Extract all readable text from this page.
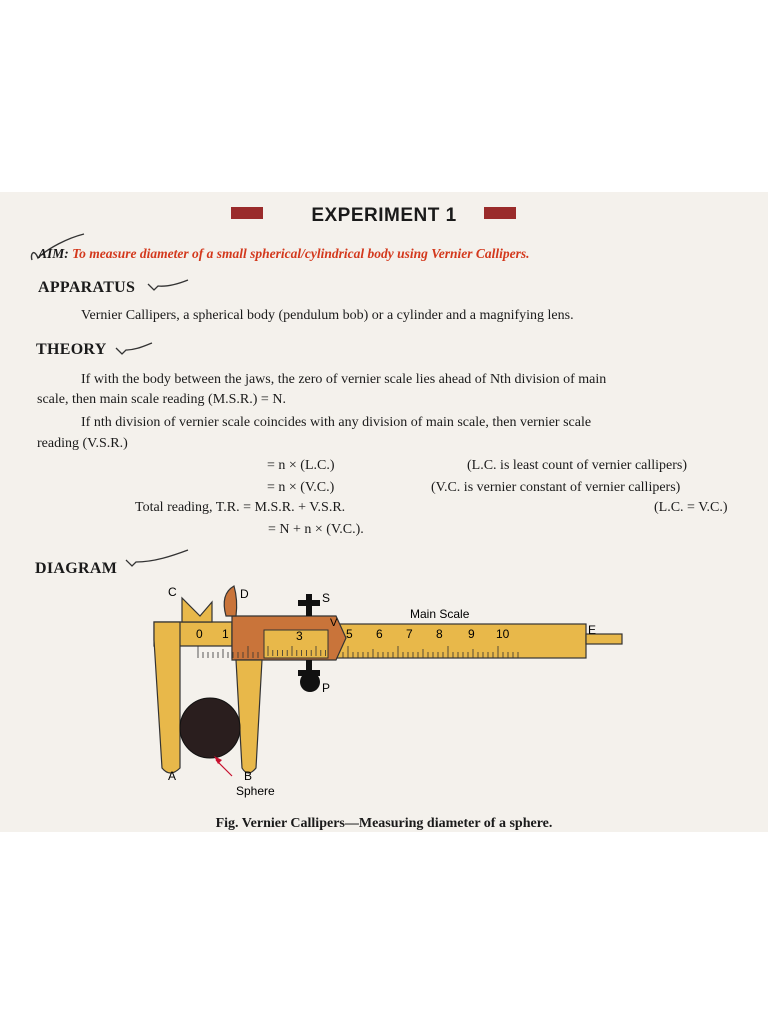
EXPERIMENT 1
AIM: To measure diameter of a small spherical/cylindrical body using Vernier Callipers.
APPARATUS
Vernier Callipers, a spherical body (pendulum bob) or a cylinder and a magnifying lens.
THEORY
If with the body between the jaws, the zero of vernier scale lies ahead of Nth division of main
scale, then main scale reading (M.S.R.) = N.
If nth division of vernier scale coincides with any division of main scale, then vernier scale
reading (V.S.R.)
= n × (L.C.)	(L.C. is least count of vernier callipers)
= n × (V.C.)	(V.C. is vernier constant of vernier callipers)
Total reading, T.R. = M.S.R. + V.S.R.	(L.C. = V.C.)
= N + n × (V.C.).
DIAGRAM
C	D	S
P
A	B
Sphere
E
Main Scale
V
0 1	3	5 6 7 8 9 10
Fig. Vernier Callipers—Measuring diameter of a sphere.
